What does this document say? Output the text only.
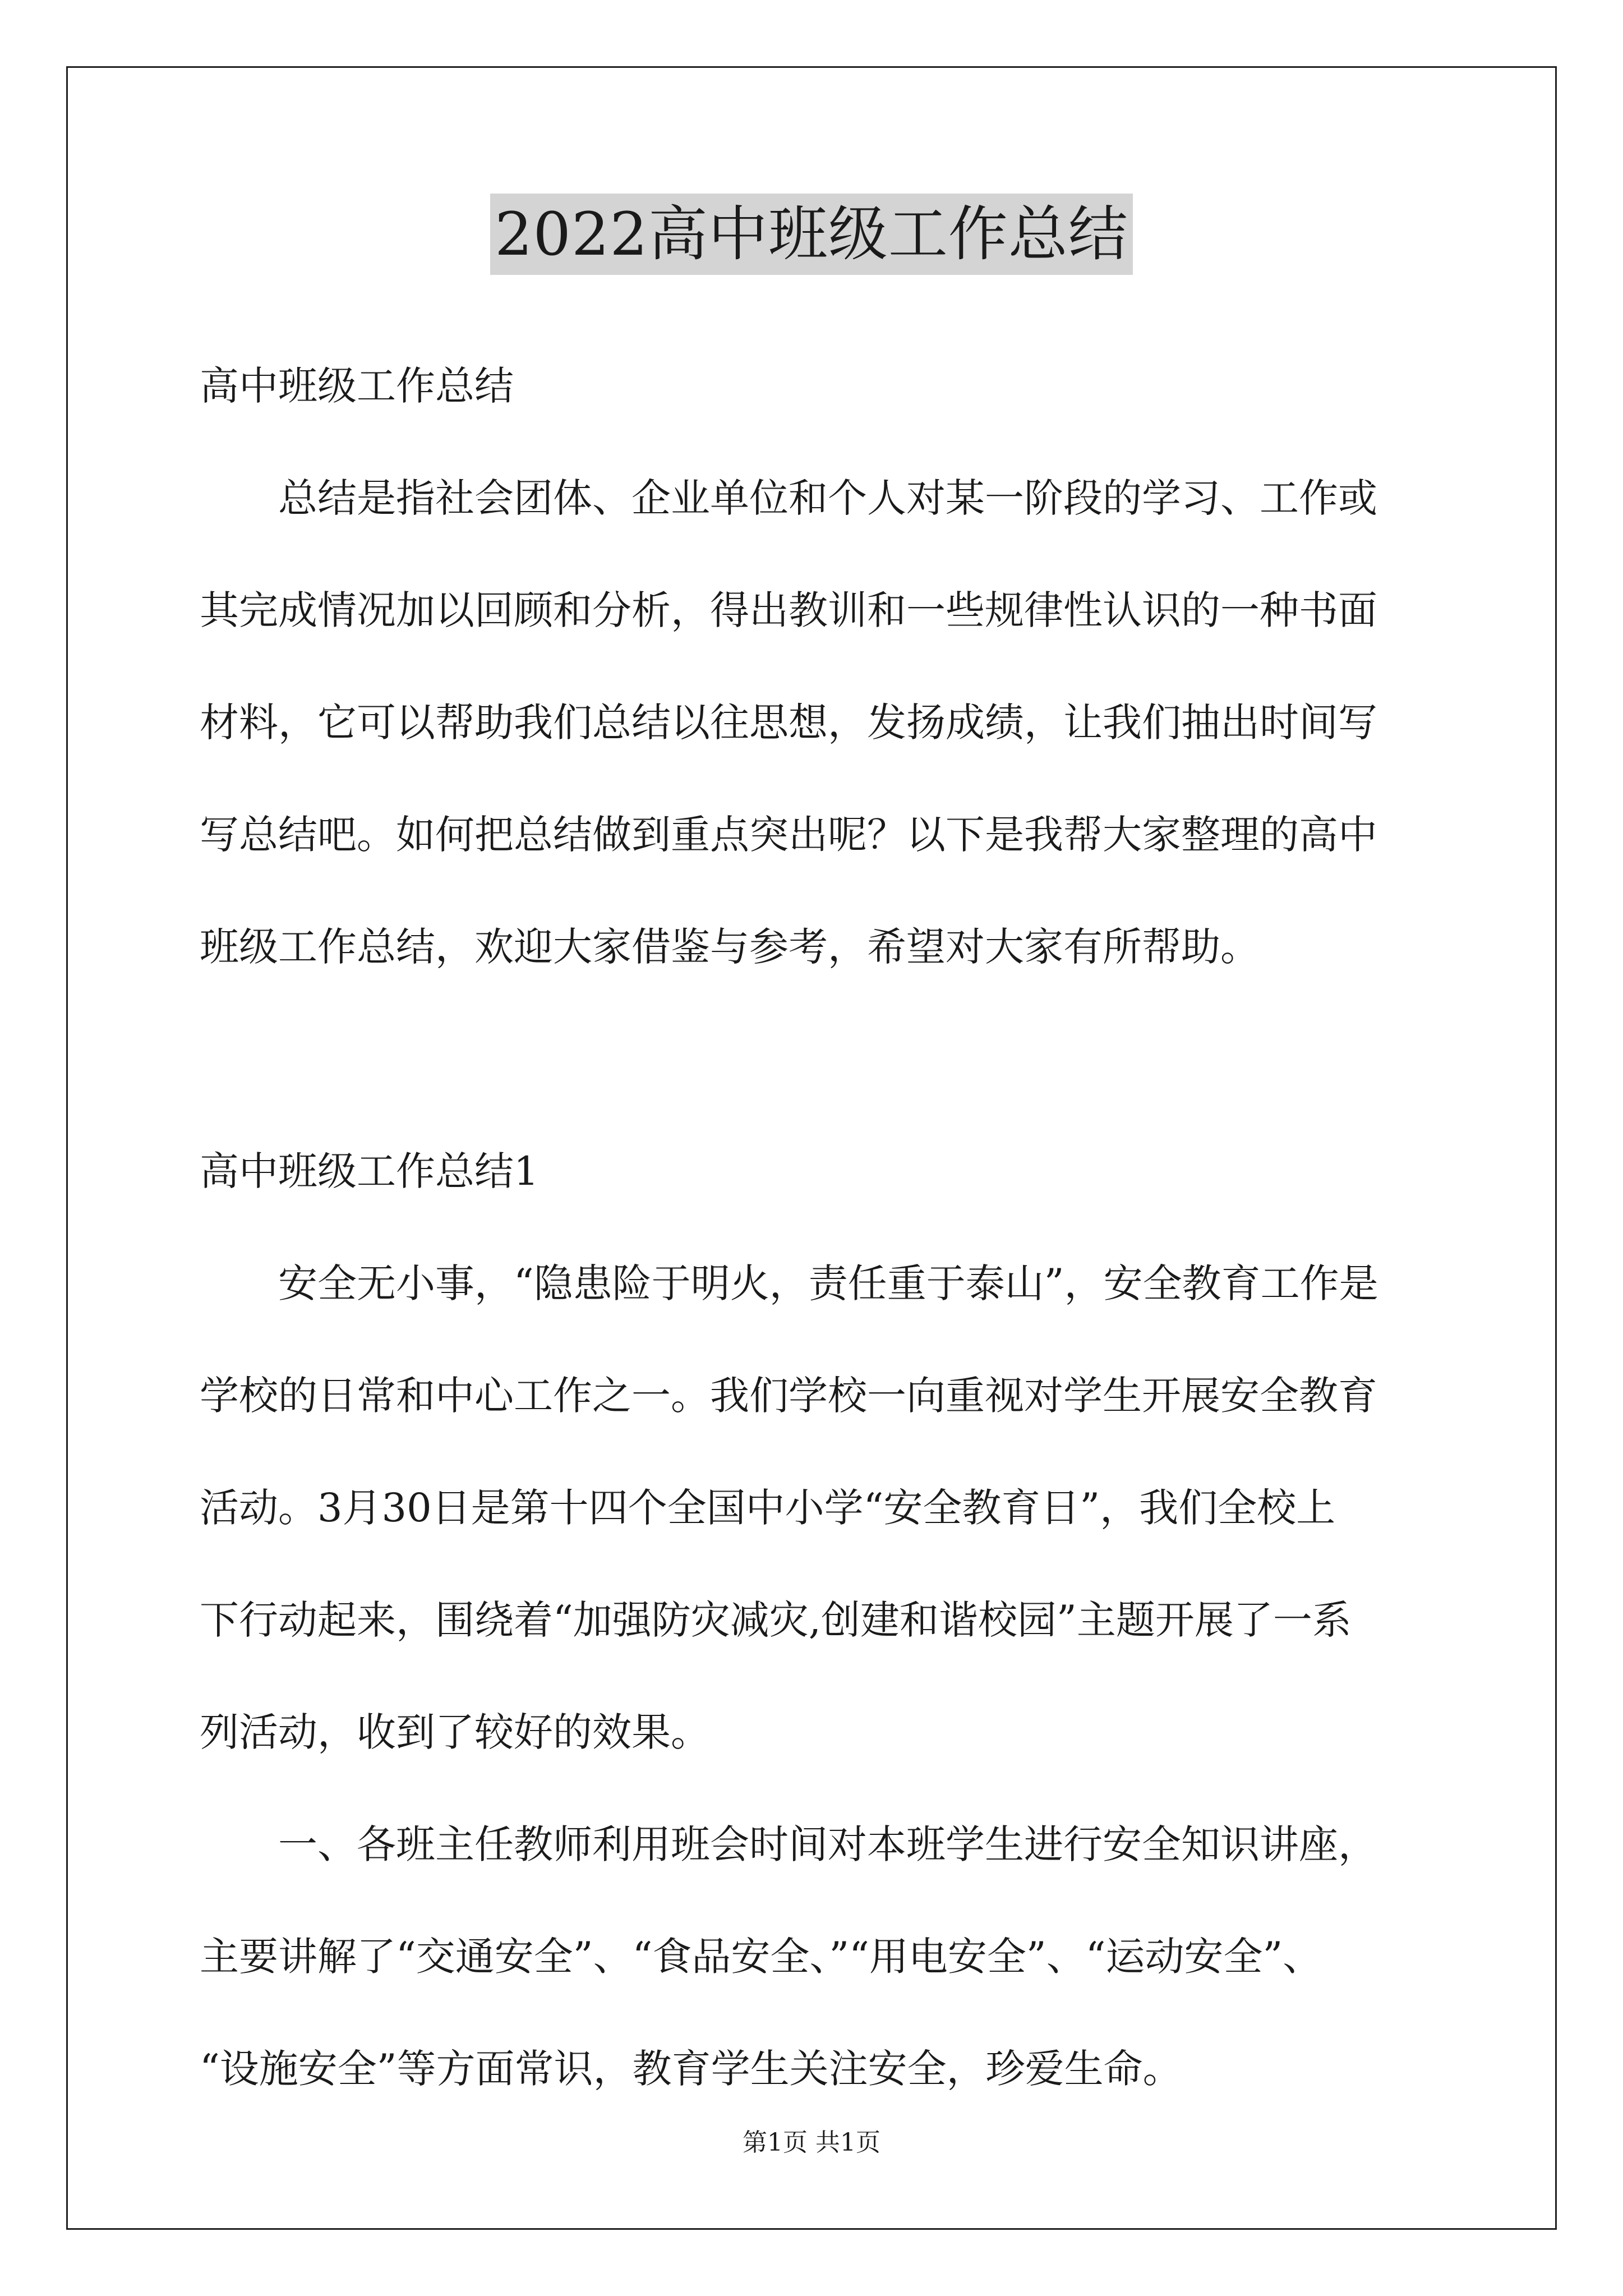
2022高中班级工作总结
高中班级工作总结
总结是指社会团体、企业单位和个人对某一阶段的学习、工作或
其完成情况加以回顾和分析，得出教训和一些规律性认识的一种书面
材料，它可以帮助我们总结以往思想，发扬成绩，让我们抽出时间写
写总结吧。如何把总结做到重点突出呢？以下是我帮大家整理的高中
班级工作总结，欢迎大家借鉴与参考，希望对大家有所帮助。
高中班级工作总结1
安全无小事，“隐患险于明火，责任重于泰山”，安全教育工作是
学校的日常和中心工作之一。我们学校一向重视对学生开展安全教育
活动。3月30日是第十四个全国中小学“安全教育日”，我们全校上
下行动起来，围绕着“加强防灾减灾,创建和谐校园”主题开展了一系
列活动，收到了较好的效果。
一、各班主任教师利用班会时间对本班学生进行安全知识讲座，
主要讲解了“交通安全”、“食品安全、”“用电安全”、“运动安全”、
“设施安全”等方面常识，教育学生关注安全，珍爱生命。
第1页 共1页
